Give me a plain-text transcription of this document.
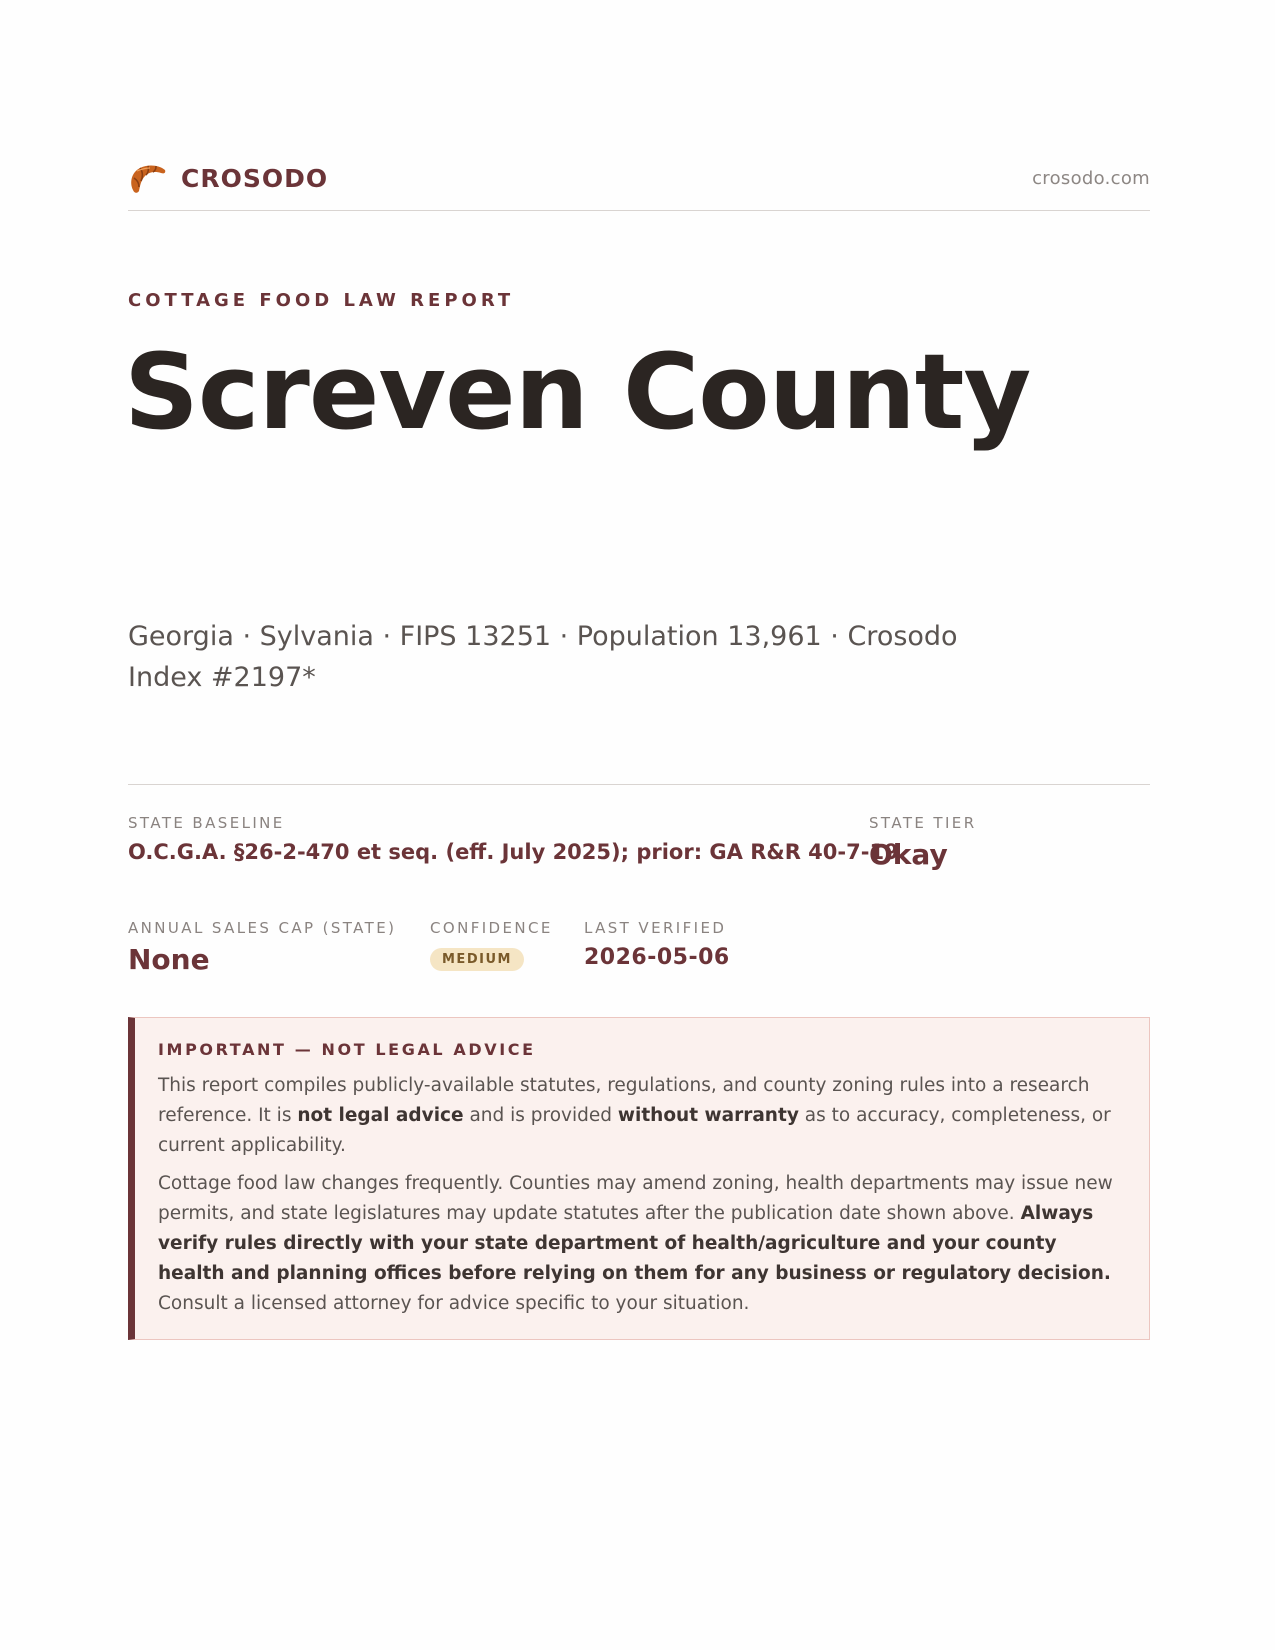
CROSODO	crosodo.com
COTTAGE FOOD LAW REPORT
Screven County
Georgia · Sylvania · FIPS 13251 · Population 13,961 · Crosodo Index #2197*
STATE BASELINE
O.C.G.A. §26-2-470 et seq. (eff. July 2025); prior: GA R&R 40-7-19
STATE TIER
Okay
ANNUAL SALES CAP (STATE)
None
CONFIDENCE
MEDIUM
LAST VERIFIED
2026-05-06
IMPORTANT — NOT LEGAL ADVICE

This report compiles publicly-available statutes, regulations, and county zoning rules into a research reference. It is not legal advice and is provided without warranty as to accuracy, completeness, or current applicability.

Cottage food law changes frequently. Counties may amend zoning, health departments may issue new permits, and state legislatures may update statutes after the publication date shown above. Always verify rules directly with your state department of health/agriculture and your county health and planning offices before relying on them for any business or regulatory decision. Consult a licensed attorney for advice specific to your situation.
